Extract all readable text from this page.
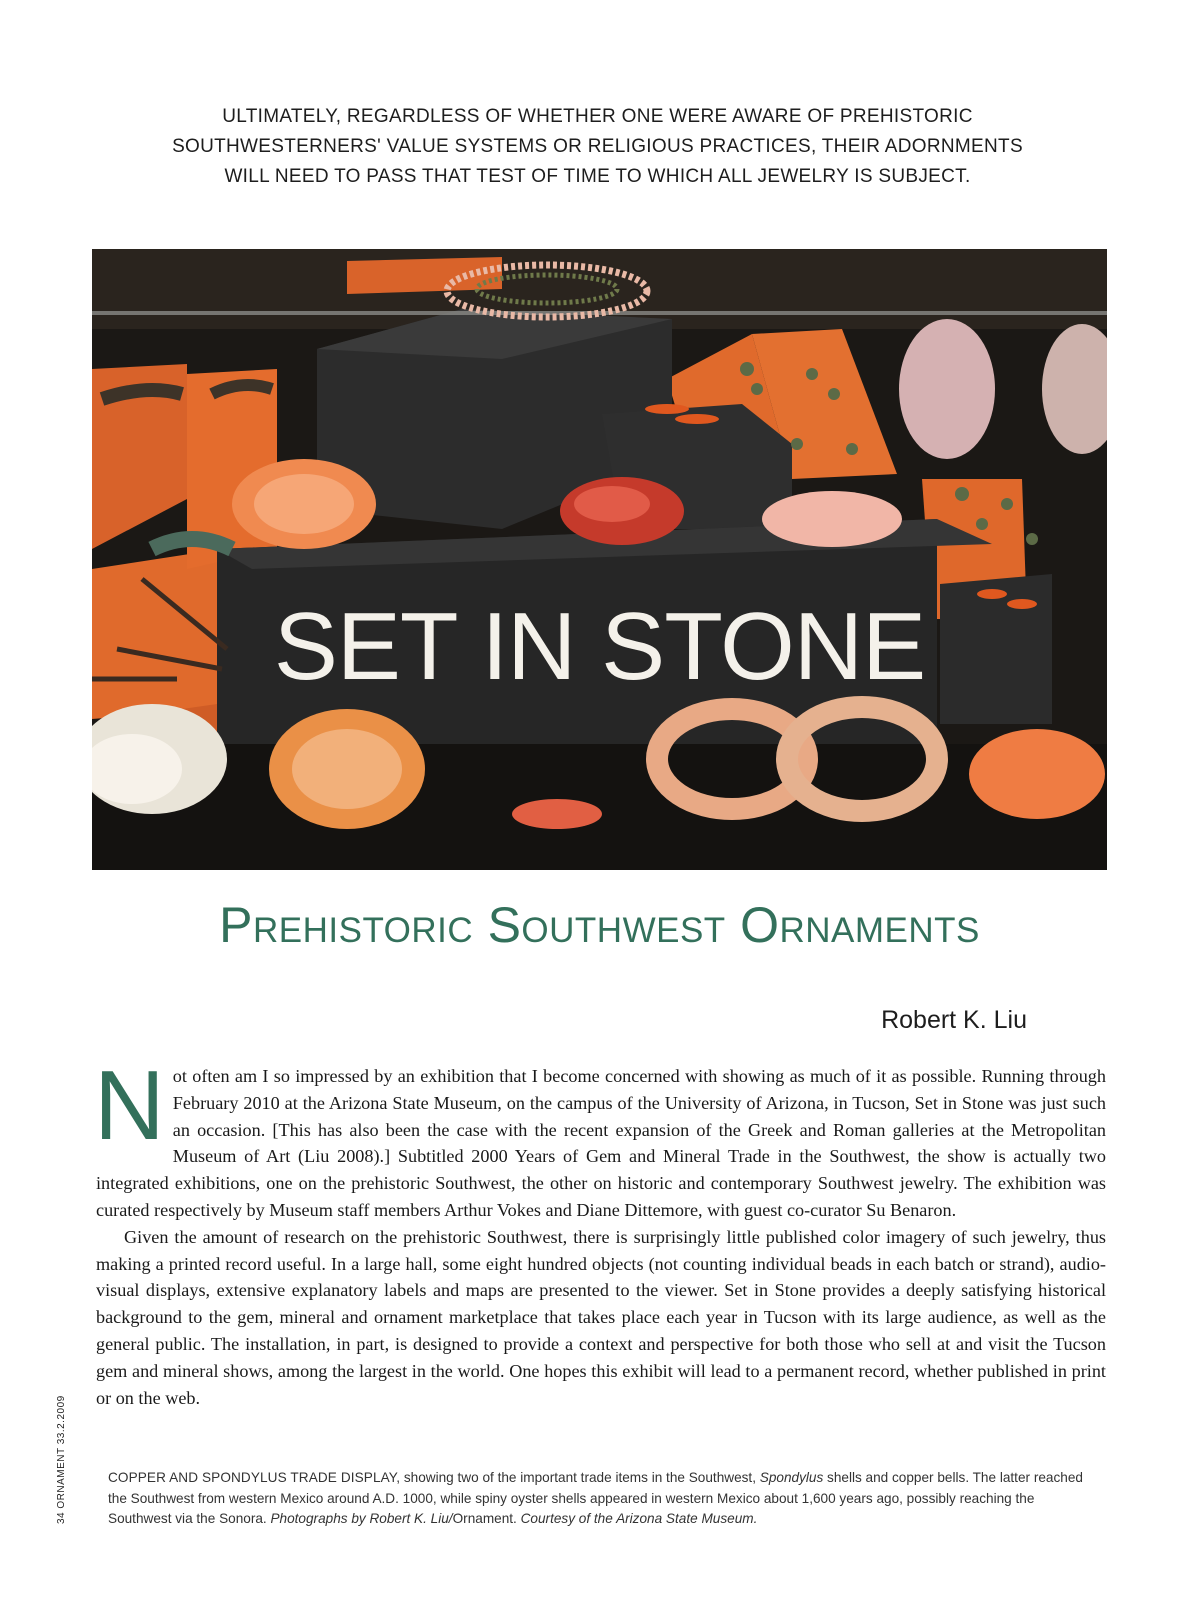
ULTIMATELY, REGARDLESS OF WHETHER ONE WERE AWARE OF PREHISTORIC
SOUTHWESTERNERS' VALUE SYSTEMS OR RELIGIOUS PRACTICES, THEIR ADORNMENTS
WILL NEED TO PASS THAT TEST OF TIME TO WHICH ALL JEWELRY IS SUBJECT.
SET IN STONE
Prehistoric Southwest Ornaments
Robert K. Liu

Not often am I so impressed by an exhibition that I become concerned with showing as much of it as possible. Running through February 2010 at the Arizona State Museum, on the campus of the University of Arizona, in Tucson, Set in Stone was just such an occasion. [This has also been the case with the recent expansion of the Greek and Roman galleries at the Metropolitan Museum of Art (Liu 2008).] Subtitled 2000 Years of Gem and Mineral Trade in the Southwest, the show is actually two integrated exhibitions, one on the prehistoric Southwest, the other on historic and contemporary Southwest jewelry. The exhibition was curated respectively by Museum staff members Arthur Vokes and Diane Dittemore, with guest co-curator Su Benaron.

Given the amount of research on the prehistoric Southwest, there is surprisingly little published color imagery of such jewelry, thus making a printed record useful. In a large hall, some eight hundred objects (not counting individual beads in each batch or strand), audio-visual displays, extensive explanatory labels and maps are presented to the viewer. Set in Stone provides a deeply satisfying historical background to the gem, mineral and ornament marketplace that takes place each year in Tucson with its large audience, as well as the general public. The installation, in part, is designed to provide a context and perspective for both those who sell at and visit the Tucson gem and mineral shows, among the largest in the world. One hopes this exhibit will lead to a permanent record, whether published in print or on the web.

34 ORNAMENT 33.2.2009	COPPER AND SPONDYLUS TRADE DISPLAY, showing two of the important trade items in the Southwest, Spondylus shells and copper bells. The latter reached the Southwest from western Mexico around A.D. 1000, while spiny oyster shells appeared in western Mexico about 1,600 years ago, possibly reaching the Southwest via the Sonora. Photographs by Robert K. Liu/Ornament. Courtesy of the Arizona State Museum.
